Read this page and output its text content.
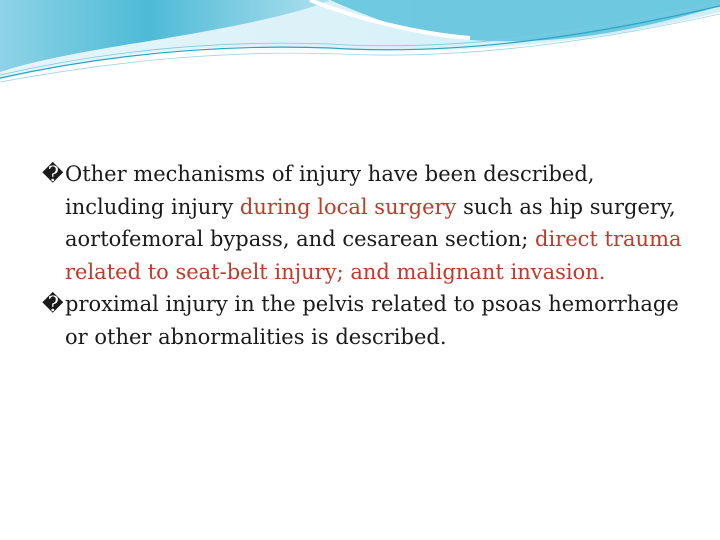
� Other mechanisms of injury have been described, including injury during local surgery such as hip surgery, aortofemoral bypass, and cesarean section; direct trauma related to seat-belt injury; and malignant invasion.

� proximal injury in the pelvis related to psoas hemorrhage or other abnormalities is described.
